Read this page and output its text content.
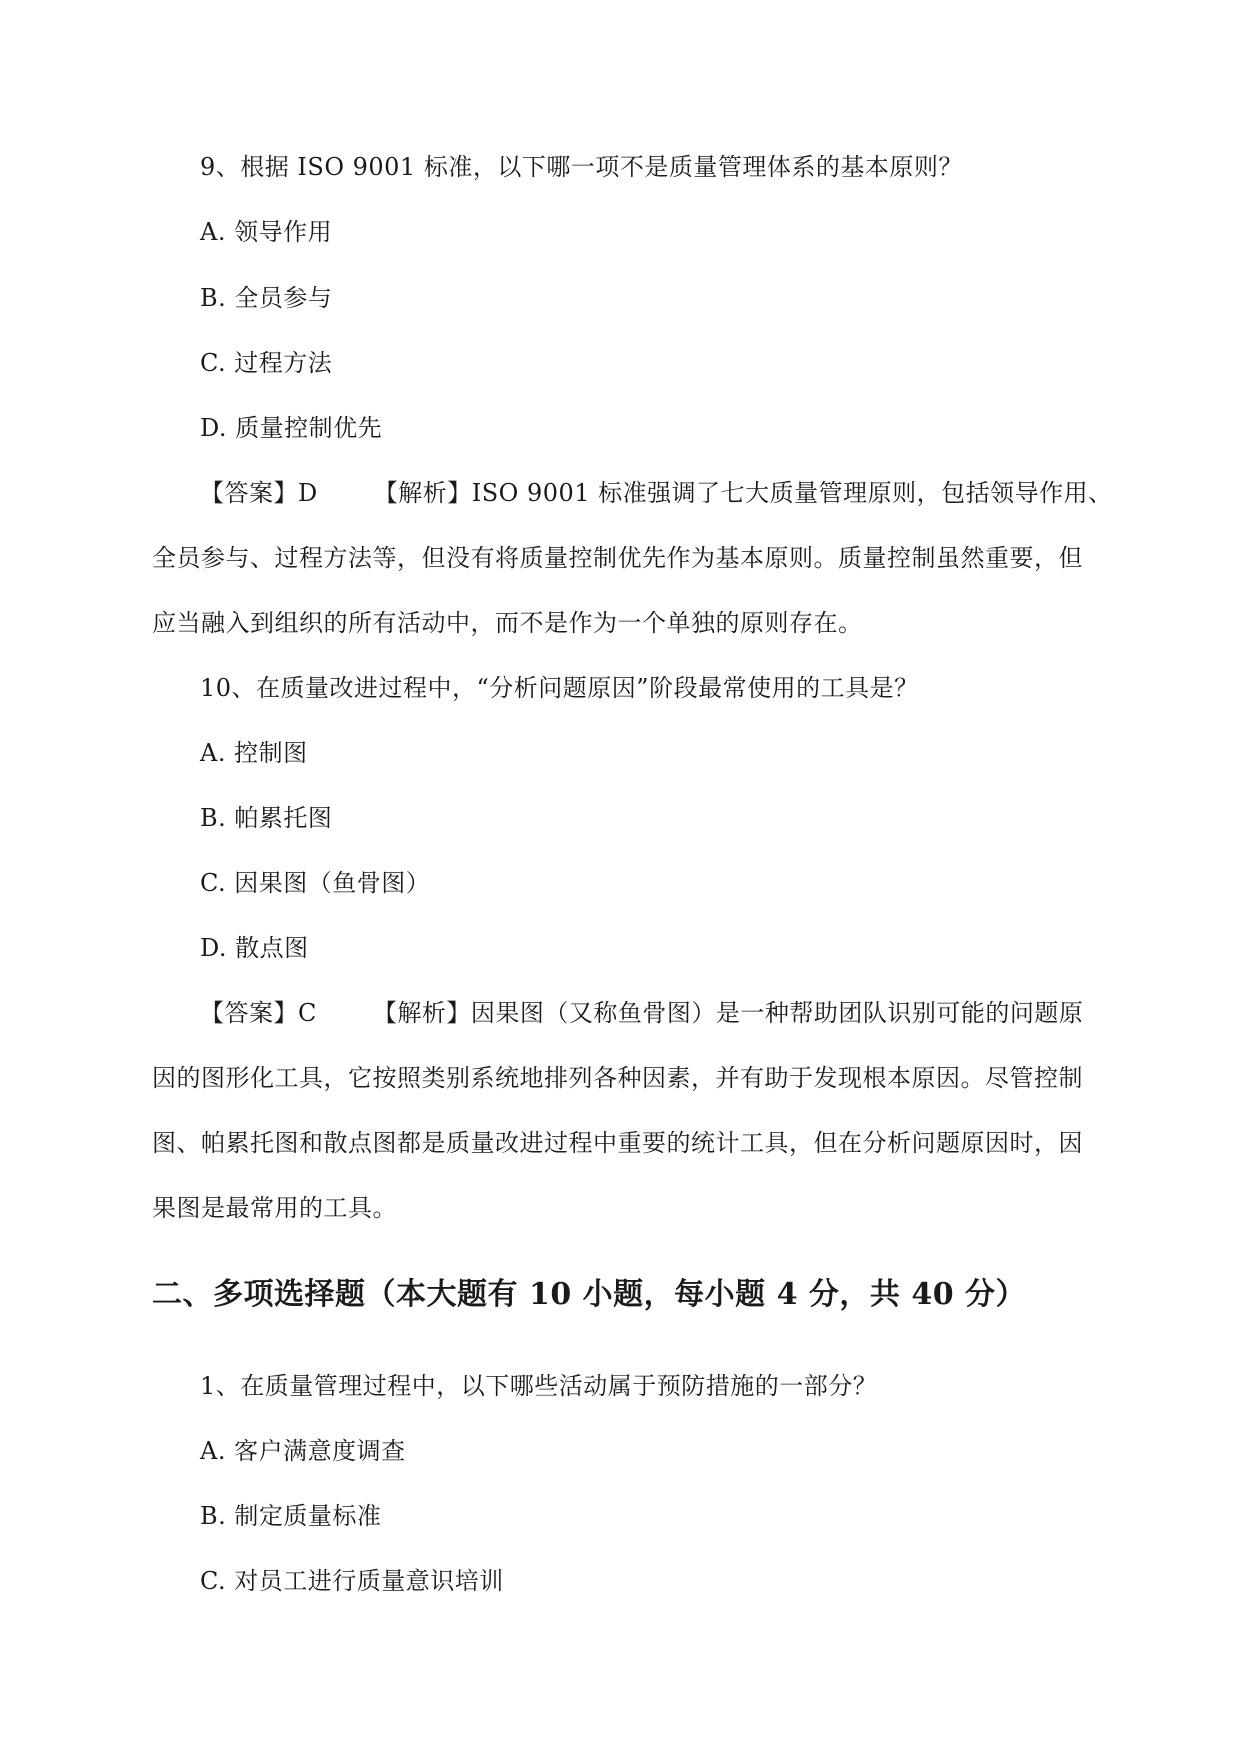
9、根据 ISO 9001 标准，以下哪一项不是质量管理体系的基本原则？
A. 领导作用
B. 全员参与
C. 过程方法
D. 质量控制优先
【答案】D 【解析】ISO 9001 标准强调了七大质量管理原则，包括领导作用、
全员参与、过程方法等，但没有将质量控制优先作为基本原则。质量控制虽然重要，但
应当融入到组织的所有活动中，而不是作为一个单独的原则存在。
10、在质量改进过程中，“分析问题原因”阶段最常使用的工具是？
A. 控制图
B. 帕累托图
C. 因果图（鱼骨图）
D. 散点图
【答案】C 【解析】因果图（又称鱼骨图）是一种帮助团队识别可能的问题原
因的图形化工具，它按照类别系统地排列各种因素，并有助于发现根本原因。尽管控制
图、帕累托图和散点图都是质量改进过程中重要的统计工具，但在分析问题原因时，因
果图是最常用的工具。
二、多项选择题（本大题有 10 小题，每小题 4 分，共 40 分）
1、在质量管理过程中，以下哪些活动属于预防措施的一部分？
A. 客户满意度调查
B. 制定质量标准
C. 对员工进行质量意识培训
